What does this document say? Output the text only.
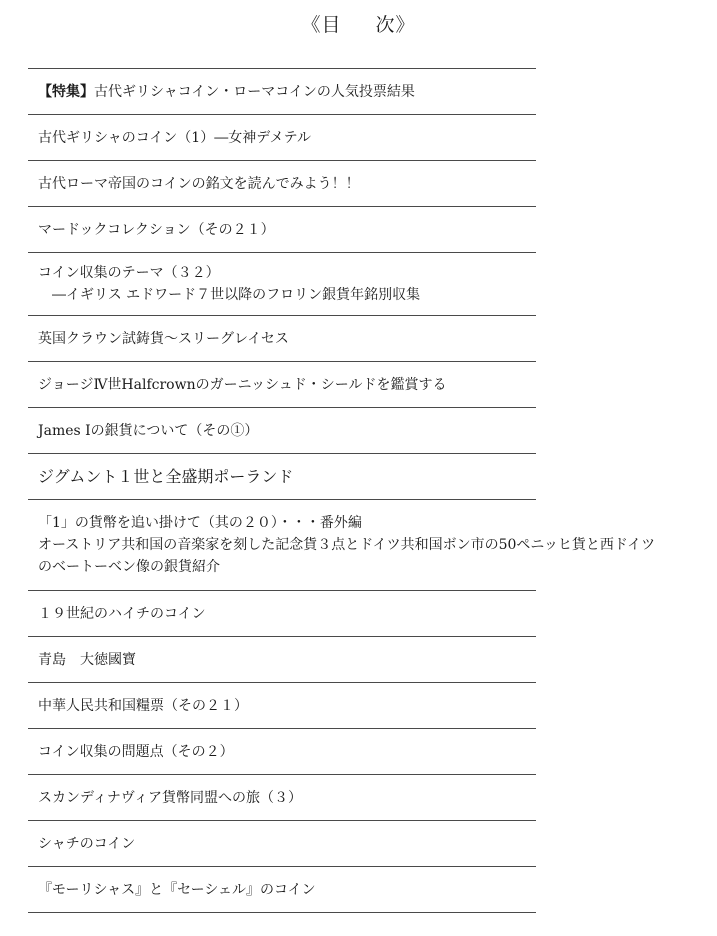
《目 次》
【特集】古代ギリシャコイン・ローマコインの人気投票結果
古代ギリシャのコイン（1）―女神デメテル
古代ローマ帝国のコインの銘文を読んでみよう！！
マードックコレクション（その２１）
コイン収集のテーマ（３２）
―イギリス エドワード７世以降のフロリン銀貨年銘別収集
英国クラウン試鋳貨～スリーグレイセス
ジョージⅣ世Halfcrownのガーニッシュド・シールドを鑑賞する
James Ⅰの銀貨について（その①）
ジグムント１世と全盛期ポーランド
「1」の貨幣を追い掛けて（其の２０）・・・番外編
オーストリア共和国の音楽家を刻した記念貨３点とドイツ共和国ボン市の50ペニッヒ貨と西ドイツ
のベートーベン像の銀貨紹介
１９世紀のハイチのコイン
青島　大徳國寶
中華人民共和国糧票（その２１）
コイン収集の問題点（その２）
スカンディナヴィア貨幣同盟への旅（３）
シャチのコイン
『モーリシャス』と『セーシェル』のコイン
